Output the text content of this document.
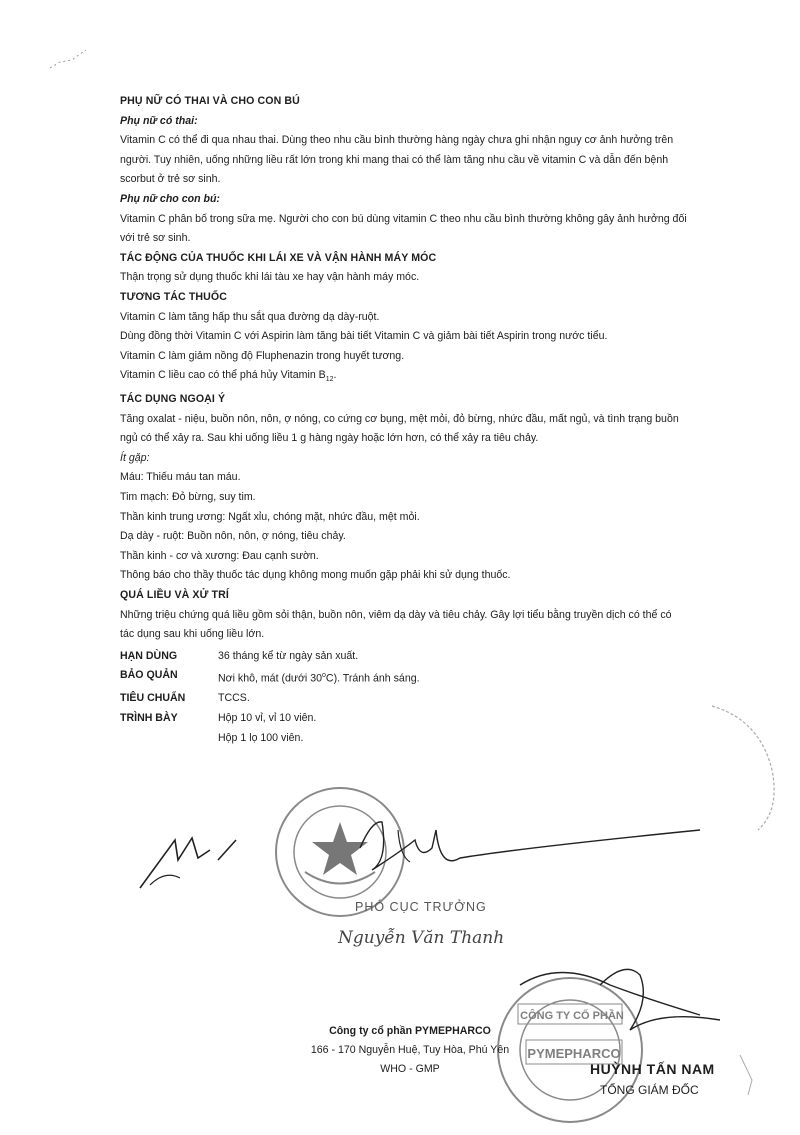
PHỤ NỮ CÓ THAI VÀ CHO CON BÚ

Phụ nữ có thai:

Vitamin C có thể đi qua nhau thai. Dùng theo nhu cầu bình thường hàng ngày chưa ghi nhận nguy cơ ảnh hưởng trên

người. Tuy nhiên, uống những liều rất lớn trong khi mang thai có thể làm tăng nhu cầu về vitamin C và dẫn đến bệnh

scorbut ở trẻ sơ sinh.

Phụ nữ cho con bú:

Vitamin C phân bố trong sữa mẹ. Người cho con bú dùng vitamin C theo nhu cầu bình thường không gây ảnh hưởng đối

với trẻ sơ sinh.

TÁC ĐỘNG CỦA THUỐC KHI LÁI XE VÀ VẬN HÀNH MÁY MÓC

Thận trọng sử dụng thuốc khi lái tàu xe hay vận hành máy móc.

TƯƠNG TÁC THUỐC

Vitamin C làm tăng hấp thu sắt qua đường dạ dày-ruột.

Dùng đồng thời Vitamin C với Aspirin làm tăng bài tiết Vitamin C và giảm bài tiết Aspirin trong nước tiểu.

Vitamin C làm giảm nồng độ Fluphenazin trong huyết tương.

Vitamin C liều cao có thể phá hủy Vitamin $B_{12}$.

TÁC DỤNG NGOẠI Ý

Tăng oxalat - niệu, buồn nôn, nôn, ợ nóng, co cứng cơ bụng, mệt mỏi, đỏ bừng, nhức đầu, mất ngủ, và tình trạng buồn

ngủ có thể xảy ra. Sau khi uống liều 1 g hàng ngày hoặc lớn hơn, có thể xảy ra tiêu chảy.

Ít gặp:

Máu: Thiếu máu tan máu.

Tim mạch: Đỏ bừng, suy tim.

Thần kinh trung ương: Ngất xỉu, chóng mặt, nhức đầu, mệt mỏi.

Dạ dày - ruột: Buồn nôn, nôn, ợ nóng, tiêu chảy.

Thần kinh - cơ và xương: Đau cạnh sườn.

Thông báo cho thầy thuốc tác dụng không mong muốn gặp phải khi sử dụng thuốc.

QUÁ LIỀU VÀ XỬ TRÍ

Những triệu chứng quá liều gồm sỏi thận, buồn nôn, viêm dạ dày và tiêu chảy. Gây lợi tiểu bằng truyền dịch có thể có

tác dụng sau khi uống liều lớn.

HẠN DÙNG	36 tháng kể từ ngày sản xuất.
BẢO QUẢN	Nơi khô, mát (dưới 30$^o$C). Tránh ánh sáng.
TIÊU CHUẨN	TCCS.
TRÌNH BÀY	Hộp 10 vỉ, vỉ 10 viên.
Hộp 1 lọ 100 viên.
PHÓ CỤC TRƯỞNG
Nguyễn Văn Thanh
CÔNG TY CỔ PHẦN
PYMEPHARCO
Công ty cổ phần PYMEPHARCO
166 - 170 Nguyễn Huệ, Tuy Hòa, Phú Yên
WHO - GMP	HUỲNH TẤN NAM
TỔNG GIÁM ĐỐC
